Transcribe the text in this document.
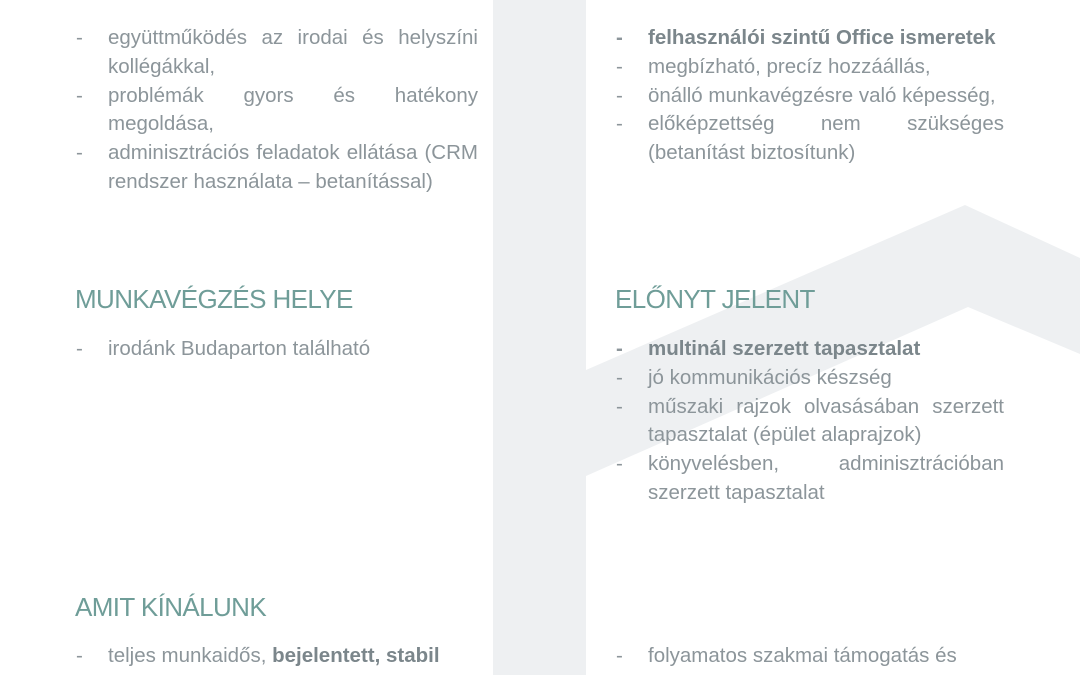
- együttműködés az irodai és helyszíni kollégákkal,
- problémák gyors és hatékony megoldása,
- adminisztrációs feladatok ellátása (CRM rendszer használata – betanítással)
- felhasználói szintű Office ismeretek
- megbízható, precíz hozzáállás,
- önálló munkavégzésre való képesség,
- előképzettség nem szükséges (betanítást biztosítunk)
MUNKAVÉGZÉS HELYE
- irodánk Budaparton található
ELŐNYT JELENT
- multinál szerzett tapasztalat
- jó kommunikációs készség
- műszaki rajzok olvasásában szerzett tapasztalat (épület alaprajzok)
- könyvelésben, adminisztrációban szerzett tapasztalat
AMIT KÍNÁLUNK
- teljes munkaidős, bejelentett, stabil	- folyamatos szakmai támogatás és
